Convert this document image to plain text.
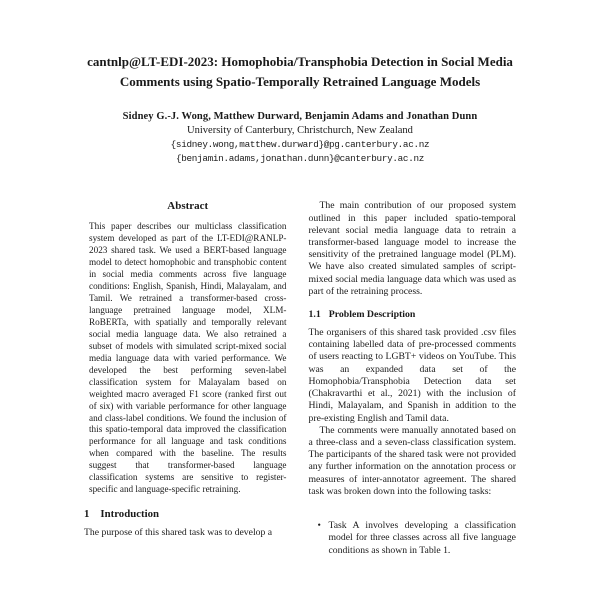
cantnlp@LT-EDI-2023: Homophobia/Transphobia Detection in Social Media Comments using Spatio-Temporally Retrained Language Models
Sidney G.-J. Wong, Matthew Durward, Benjamin Adams and Jonathan Dunn
University of Canterbury, Christchurch, New Zealand
{sidney.wong,matthew.durward}@pg.canterbury.ac.nz
{benjamin.adams,jonathan.dunn}@canterbury.ac.nz
Abstract

This paper describes our multiclass classification system developed as part of the LT-EDI@RANLP-2023 shared task. We used a BERT-based language model to detect homophobic and transphobic content in social media comments across five language conditions: English, Spanish, Hindi, Malayalam, and Tamil. We retrained a transformer-based cross-language pretrained language model, XLM-RoBERTa, with spatially and temporally relevant social media language data. We also retrained a subset of models with simulated script-mixed social media language data with varied performance. We developed the best performing seven-label classification system for Malayalam based on weighted macro averaged F1 score (ranked first out of six) with variable performance for other language and class-label conditions. We found the inclusion of this spatio-temporal data improved the classification performance for all language and task conditions when compared with the baseline. The results suggest that transformer-based language classification systems are sensitive to register-specific and language-specific retraining.

1 Introduction

The purpose of this shared task was to develop a

The main contribution of our proposed system outlined in this paper included spatio-temporal relevant social media language data to retrain a transformer-based language model to increase the sensitivity of the pretrained language model (PLM). We have also created simulated samples of script-mixed social media language data which was used as part of the retraining process.

1.1 Problem Description

The organisers of this shared task provided .csv files containing labelled data of pre-processed comments of users reacting to LGBT+ videos on YouTube. This was an expanded data set of the Homophobia/Transphobia Detection data set (Chakravarthi et al., 2021) with the inclusion of Hindi, Malayalam, and Spanish in addition to the pre-existing English and Tamil data.

The comments were manually annotated based on a three-class and a seven-class classification system. The participants of the shared task were not provided any further information on the annotation process or measures of inter-annotator agreement. The shared task was broken down into the following tasks:

• Task A involves developing a classification model for three classes across all five language conditions as shown in Table 1.
